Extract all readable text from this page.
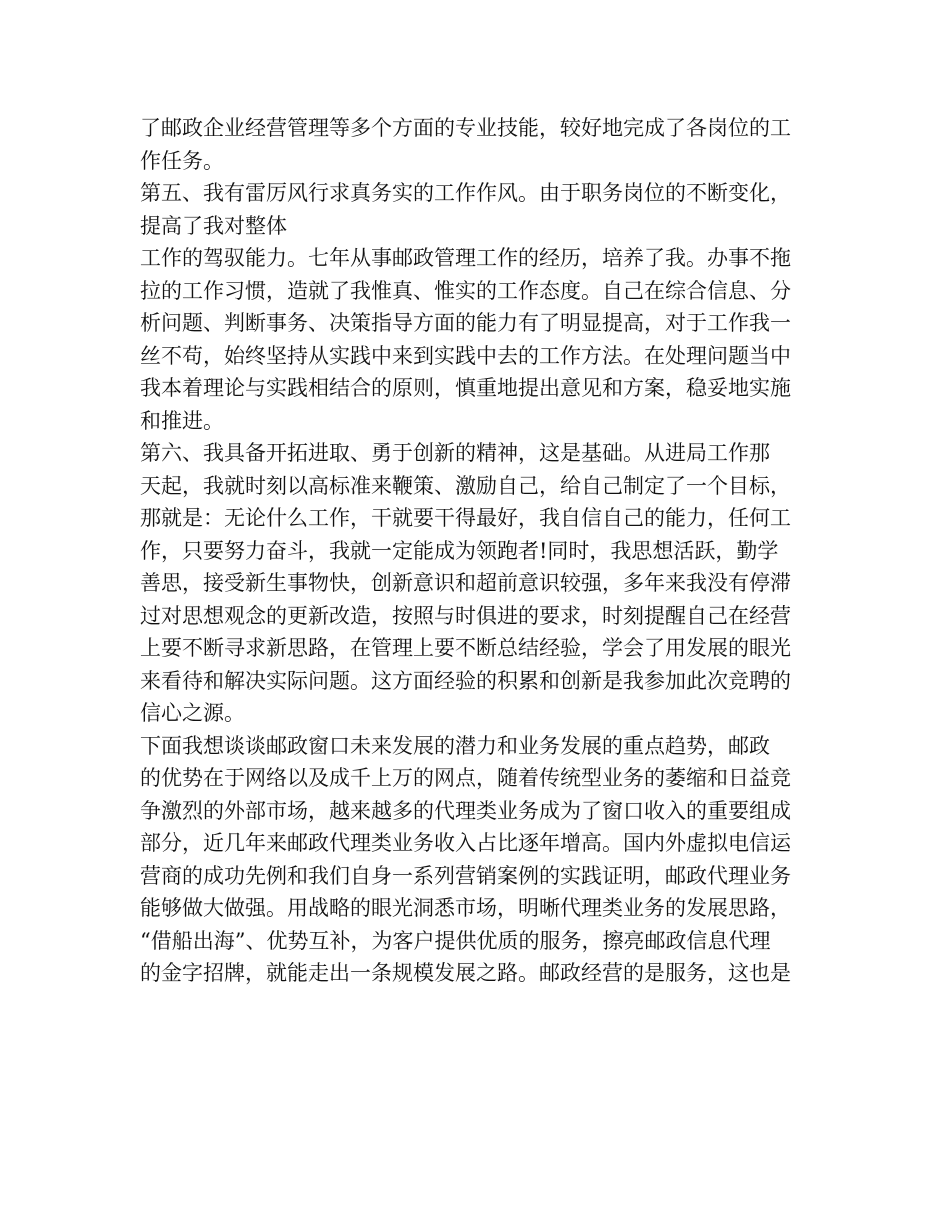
了邮政企业经营管理等多个方面的专业技能，较好地完成了各岗位的工
作任务。
第五、我有雷厉风行求真务实的工作作风。由于职务岗位的不断变化，
提高了我对整体
工作的驾驭能力。七年从事邮政管理工作的经历，培养了我。办事不拖
拉的工作习惯，造就了我惟真、惟实的工作态度。自己在综合信息、分
析问题、判断事务、决策指导方面的能力有了明显提高，对于工作我一
丝不苟，始终坚持从实践中来到实践中去的工作方法。在处理问题当中
我本着理论与实践相结合的原则，慎重地提出意见和方案，稳妥地实施
和推进。
第六、我具备开拓进取、勇于创新的精神，这是基础。从进局工作那
天起，我就时刻以高标准来鞭策、激励自己，给自己制定了一个目标，
那就是：无论什么工作，干就要干得最好，我自信自己的能力，任何工
作，只要努力奋斗，我就一定能成为领跑者!同时，我思想活跃，勤学
善思，接受新生事物快，创新意识和超前意识较强，多年来我没有停滞
过对思想观念的更新改造，按照与时俱进的要求，时刻提醒自己在经营
上要不断寻求新思路，在管理上要不断总结经验，学会了用发展的眼光
来看待和解决实际问题。这方面经验的积累和创新是我参加此次竞聘的
信心之源。
下面我想谈谈邮政窗口未来发展的潜力和业务发展的重点趋势，邮政
的优势在于网络以及成千上万的网点，随着传统型业务的萎缩和日益竞
争激烈的外部市场，越来越多的代理类业务成为了窗口收入的重要组成
部分，近几年来邮政代理类业务收入占比逐年增高。国内外虚拟电信运
营商的成功先例和我们自身一系列营销案例的实践证明，邮政代理业务
能够做大做强。用战略的眼光洞悉市场，明晰代理类业务的发展思路，
“借船出海”、优势互补，为客户提供优质的服务，擦亮邮政信息代理
的金字招牌，就能走出一条规模发展之路。邮政经营的是服务，这也是
